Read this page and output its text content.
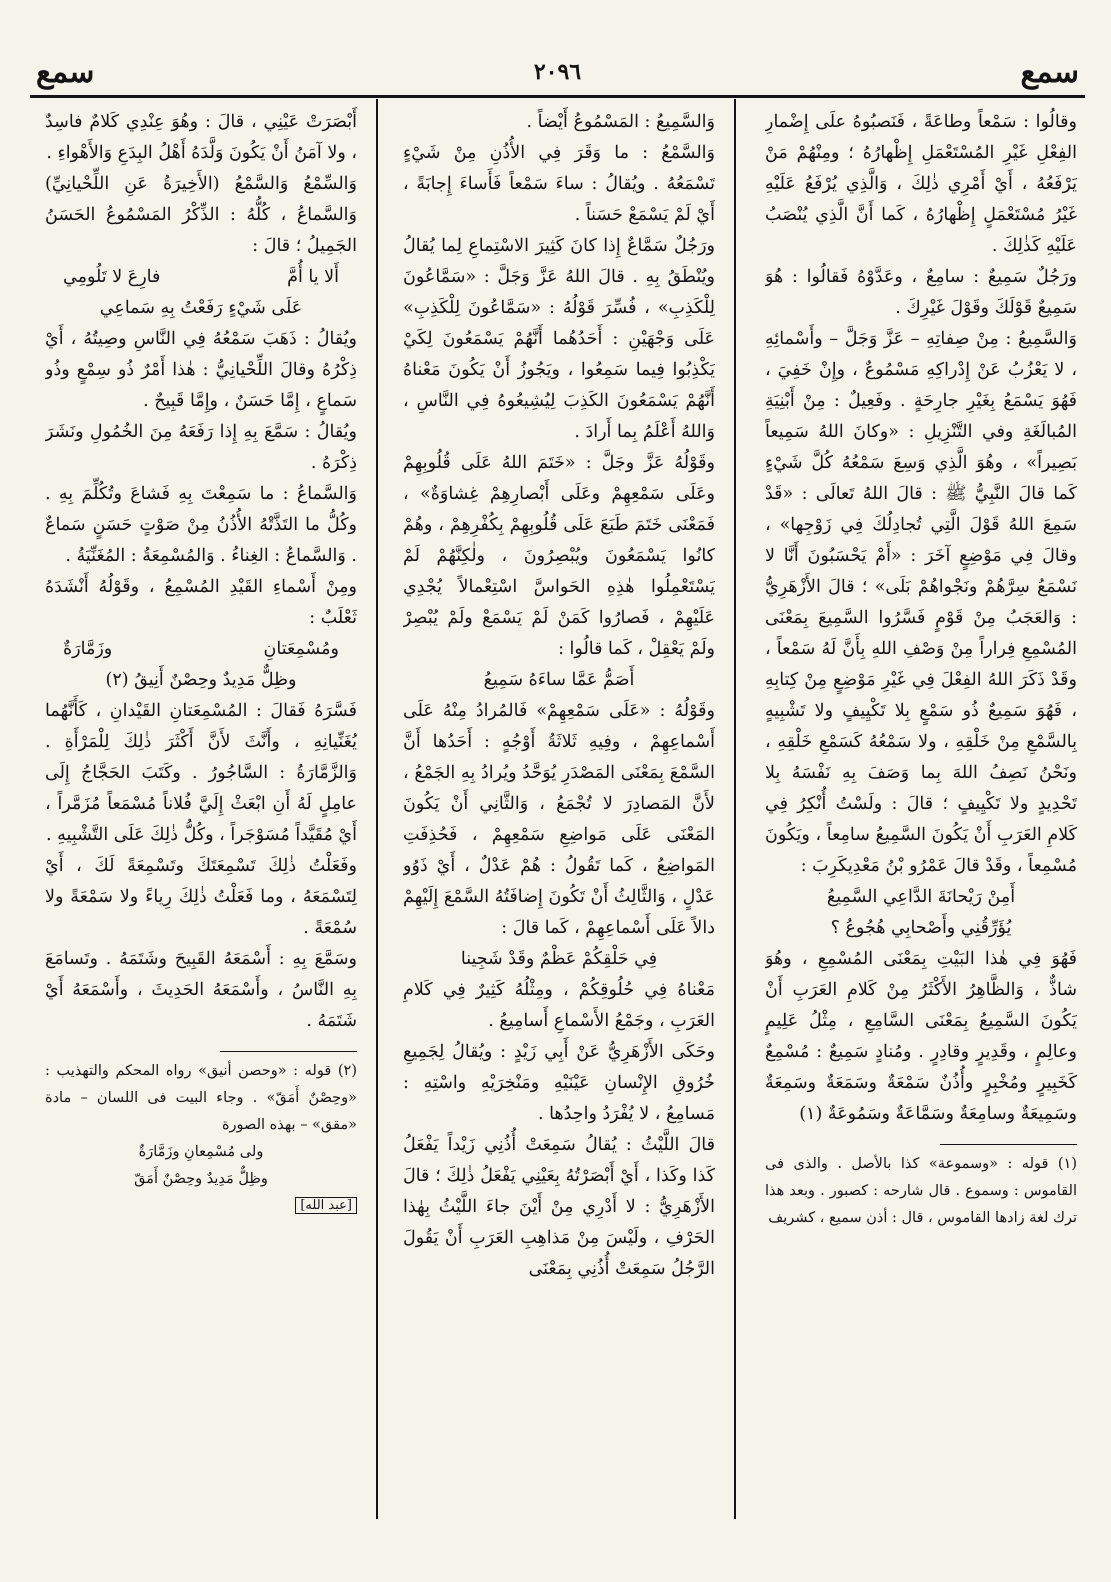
سمع
٢٠٩٦
سمع

وقالُوا : سَمْعاً وطاعَةً ، فَنَصبُوهُ علَى إِضْمارِ الفِعْلِ غَيْرِ المُسْتَعْمَلِ إِظْهارُهُ ؛ ومِنْهُمْ مَنْ يَرْفَعُهُ ، أَيْ أَمْرِي ذٰلِكَ ، وَالَّذِي يُرْفَعُ عَلَيْهِ غَيْرُ مُسْتَعْمَلٍ إِظْهارُهُ ، كَما أَنَّ الَّذِي يُنْصَبُ عَلَيْهِ كَذٰلِكَ .

ورَجُلٌ سَمِيعٌ : سامِعٌ ، وعَدَّوْهُ فَقالُوا : هُوَ سَمِيعٌ قَوْلَكَ وقَوْلَ غَيْرِكَ .

وَالسَّمِيعُ : مِنْ صِفاتِهِ – عَزَّ وَجَلَّ – وأَسْمائِهِ ، لا يَعْزُبُ عَنْ إِدْراكِهِ مَسْمُوعٌ ، وإِنْ خَفِيَ ، فَهُوَ يَسْمَعُ بِغَيْرِ جارِحَةٍ . وفَعِيلٌ : مِنْ أَبْنِيَةِ المُبالَغَةِ وفي التَّنْزِيلِ : «وكانَ اللهُ سَمِيعاً بَصِيراً» ، وهُوَ الَّذِي وَسِعَ سَمْعُهُ كُلَّ شَيْءٍ كَما قالَ النَّبِيُّ ﷺ : قالَ اللهُ تَعالَى : «قَدْ سَمِعَ اللهُ قَوْلَ الَّتِي تُجادِلُكَ فِي زَوْجِها» ، وقالَ فِي مَوْضِعٍ آخَرَ : «أَمْ يَحْسَبُونَ أَنَّا لا نَسْمَعُ سِرَّهُمْ ونَجْواهُمْ بَلَى» ؛ قالَ الأَزْهَرِيُّ : وَالعَجَبُ مِنْ قَوْمٍ فَسَّرُوا السَّمِيعَ بِمَعْنَى المُسْمِعِ فِراراً مِنْ وَصْفِ اللهِ بِأَنَّ لَهُ سَمْعاً ، وقَدْ ذَكَرَ اللهُ الفِعْلَ فِي غَيْرِ مَوْضِعٍ مِنْ كِتابِهِ ، فَهُوَ سَمِيعٌ ذُو سَمْعٍ بِلا تَكْيِيفٍ ولا تَشْبِيهٍ بِالسَّمْعِ مِنْ خَلْقِهِ ، ولا سَمْعُهُ كَسَمْعِ خَلْقِهِ ، ونَحْنُ نَصِفُ اللهَ بِما وَصَفَ بِهِ نَفْسَهُ بِلا تَحْدِيدٍ ولا تَكْيِيفٍ ؛ قالَ : ولَسْتُ أُنْكِرُ فِي كَلامِ العَرَبِ أَنْ يَكُونَ السَّمِيعُ سامِعاً ، ويَكُونَ مُسْمِعاً ، وقَدْ قالَ عَمْرُو بْنُ مَعْدِيكَرِبَ :

أَمِنْ رَيْحانَةَ الدَّاعِي السَّمِيعُ

يُؤَرِّقُنِي وأَصْحابِي هُجُوعُ ؟

فَهُوَ فِي هٰذا البَيْتِ بِمَعْنَى المُسْمِعِ ، وهُوَ شاذٌّ ، وَالظَّاهِرُ الأَكْثَرُ مِنْ كَلامِ العَرَبِ أَنْ يَكُونَ السَّمِيعُ بِمَعْنَى السَّامِعِ ، مِثْلُ عَلِيمٍ وعالِمٍ ، وقَدِيرٍ وقادِرٍ . ومُنادٍ سَمِيعٌ : مُسْمِعٌ كَخَبِيرٍ ومُخْبِرٍ وأُذُنٌ سَمْعَةٌ وسَمَعَةٌ وسَمِعَةٌ وسَمِيعَةٌ وسامِعَةٌ وسَمَّاعَةٌ وسَمُوعَةٌ (١)

(١) قوله : «وسموعة» كذا بالأصل . والذى فى القاموس : وسموع . قال شارحه : كصبور . وبعد هذا ترك لغة زادها القاموس ، قال : أذن سميع ، كشريف

وَالسَّمِيعُ : المَسْمُوعُ أَيْضاً .

وَالسَّمْعُ : ما وَقَرَ فِي الأُذُنِ مِنْ شَيْءٍ تَسْمَعُهُ . ويُقالُ : ساءَ سَمْعاً فَأَساءَ إِجابَةً ، أَيْ لَمْ يَسْمَعْ حَسَناً .

ورَجُلٌ سَمَّاعٌ إِذا كانَ كَثِيرَ الاسْتِماعِ لِما يُقالُ ويُنْطَقُ بِهِ . قالَ اللهُ عَزَّ وَجَلَّ : «سَمَّاعُونَ لِلْكَذِبِ» ، فُسِّرَ قَوْلُهُ : «سَمَّاعُونَ لِلْكَذِبِ» عَلَى وَجْهَيْنِ : أَحَدُهُما أَنَّهُمْ يَسْمَعُونَ لِكَيْ يَكْذِبُوا فِيما سَمِعُوا ، ويَجُوزُ أَنْ يَكُونَ مَعْناهُ أَنَّهُمْ يَسْمَعُونَ الكَذِبَ لِيُشِيعُوهُ فِي النَّاسِ ، وَاللهُ أَعْلَمُ بِما أَرادَ .

وقَوْلُهُ عَزَّ وجَلَّ : «خَتَمَ اللهُ عَلَى قُلُوبِهِمْ وعَلَى سَمْعِهِمْ وعَلَى أَبْصارِهِمْ غِشاوَةٌ» ، فَمَعْنَى خَتَمَ طَبَعَ عَلَى قُلُوبِهِمْ بِكُفْرِهِمْ ، وهُمْ كانُوا يَسْمَعُونَ ويُبْصِرُونَ ، ولٰكِنَّهُمْ لَمْ يَسْتَعْمِلُوا هٰذِهِ الحَواسَّ اسْتِعْمالاً يُجْدِي عَلَيْهِمْ ، فَصارُوا كَمَنْ لَمْ يَسْمَعْ ولَمْ يُبْصِرْ ولَمْ يَعْقِلْ ، كَما قالُوا :

أَصَمُّ عَمَّا ساءَهُ سَمِيعُ

وقَوْلُهُ : «عَلَى سَمْعِهِمْ» فَالمُرادُ مِنْهُ عَلَى أَسْماعِهِمْ ، وفِيهِ ثَلاثَةُ أَوْجُهٍ : أَحَدُها أَنَّ السَّمْعَ بِمَعْنَى المَصْدَرِ يُوَحَّدُ ويُرادُ بِهِ الجَمْعُ ، لأَنَّ المَصادِرَ لا تُجْمَعُ ، وَالثَّانِي أَنْ يَكُونَ المَعْنَى عَلَى مَواضِعِ سَمْعِهِمْ ، فَحُذِفَتِ المَواضِعُ ، كَما تَقُولُ : هُمْ عَدْلٌ ، أَيْ ذَوُو عَدْلٍ ، وَالثَّالِثُ أَنْ تَكُونَ إِضافَتُهُ السَّمْعَ إِلَيْهِمْ دالاً عَلَى أَسْماعِهِمْ ، كَما قالَ :

فِي حَلْقِكُمْ عَظْمٌ وقَدْ شَجِينا

مَعْناهُ فِي حُلُوقِكُمْ ، ومِثْلُهُ كَثِيرٌ فِي كَلامِ العَرَبِ ، وجَمْعُ الأَسْماعِ أَسامِيعُ .

وحَكَى الأَزْهَرِيُّ عَنْ أَبِي زَيْدٍ : ويُقالُ لِجَمِيعِ خُرُوقِ الإِنْسانِ عَيْنَيْهِ ومَنْخِرَيْهِ واسْتِهِ : مَسامِعُ ، لا يُفْرَدُ واحِدُها .

قالَ اللَّيْثُ : يُقالُ سَمِعَتْ أُذُنِي زَيْداً يَفْعَلُ كَذا وكَذا ، أَيْ أَبْصَرْتُهُ بِعَيْنِي يَفْعَلُ ذٰلِكَ ؛ قالَ الأَزْهَرِيُّ : لا أَدْرِي مِنْ أَيْنَ جاءَ اللَّيْثُ بِهٰذا الحَرْفِ ، ولَيْسَ مِنْ مَذاهِبِ العَرَبِ أَنْ يَقُولَ الرَّجُلُ سَمِعَتْ أُذُنِي بِمَعْنَى

أَبْصَرَتْ عَيْنِي ، قالَ : وهُوَ عِنْدِي كَلامٌ فاسِدٌ ، ولا آمَنُ أَنْ يَكُونَ وَلَّدَهُ أَهْلُ البِدَعِ وَالأَهْواءِ .

وَالسِّمْعُ وَالسَّمْعُ (الأَخِيرَةُ عَنِ اللِّحْيانِيِّ) وَالسَّماعُ ، كُلُّهُ : الذِّكْرُ المَسْمُوعُ الحَسَنُ الجَمِيلُ ؛ قالَ :

أَلا يا أُمَّ
فارِعَ لا تَلُومِي

عَلَى شَيْءٍ رَفَعْتُ بِهِ سَماعِي

ويُقالُ : ذَهَبَ سَمْعُهُ فِي النَّاسِ وصِيتُهُ ، أَيْ ذِكْرُهُ وقالَ اللِّحْيانِيُّ : هٰذا أَمْرٌ ذُو سِمْعٍ وذُو سَماعٍ ، إِمَّا حَسَنٌ ، وإِمَّا قَبِيحٌ .

ويُقالُ : سَمَّعَ بِهِ إِذا رَفَعَهُ مِنَ الخُمُولِ ونَشَرَ ذِكْرَهُ .

وَالسَّماعُ : ما سَمِعْتَ بِهِ فَشاعَ وتُكُلِّمَ بِهِ . وكُلُّ ما التَذَّتْهُ الأُذُنُ مِنْ صَوْتٍ حَسَنٍ سَماعٌ . وَالسَّماعُ : الغِناءُ . وَالمُسْمِعَةُ : المُغَنِّيَةُ .

ومِنْ أَسْماءِ القَيْدِ المُسْمِعُ ، وقَوْلُهُ أَنْشَدَهُ ثَعْلَبٌ :

ومُسْمِعَتانِ
وزَمَّارَةٌ

وظِلٌّ مَدِيدٌ وحِصْنٌ أَنِيقُ (٢)

فَسَّرَهُ فَقالَ : المُسْمِعَتانِ القَيْدانِ ، كَأَنَّهُما يُغَنِّيانِهِ ، وأَنَّثَ لأَنَّ أَكْثَرَ ذٰلِكَ لِلْمَرْأَةِ . وَالزَّمَّارَةُ : السَّاجُورُ . وكَتَبَ الحَجَّاجُ إِلَى عامِلٍ لَهُ أَنِ ابْعَثْ إِلَيَّ فُلاناً مُسْمَعاً مُزَمَّراً ، أَيْ مُقَيَّداً مُسَوْجَراً ، وكُلُّ ذٰلِكَ عَلَى التَّشْبِيهِ .

وفَعَلْتُ ذٰلِكَ تَسْمِعَتَكَ وتَسْمِعَةً لَكَ ، أَيْ لِتَسْمَعَهُ ، وما فَعَلْتُ ذٰلِكَ رِياءً ولا سَمْعَةً ولا سُمْعَةً .

وسَمَّعَ بِهِ : أَسْمَعَهُ القَبِيحَ وشَتَمَهُ . وتَسامَعَ بِهِ النَّاسُ ، وأَسْمَعَهُ الحَدِيثَ ، وأَسْمَعَهُ أَيْ شَتَمَهُ .

(٢) قوله : «وحصن أنيق» رواه المحكم والتهذيب : «وحِصْنٌ أَمَقّ» . وجاء البيت فى اللسان – مادة «مقق» – بهذه الصورة

ولى مُسْمِعانِ وزَمَّارَةٌ

وظِلٌّ مَدِيدٌ وحِصْنٌ أَمَقّ

[عبد الله]
